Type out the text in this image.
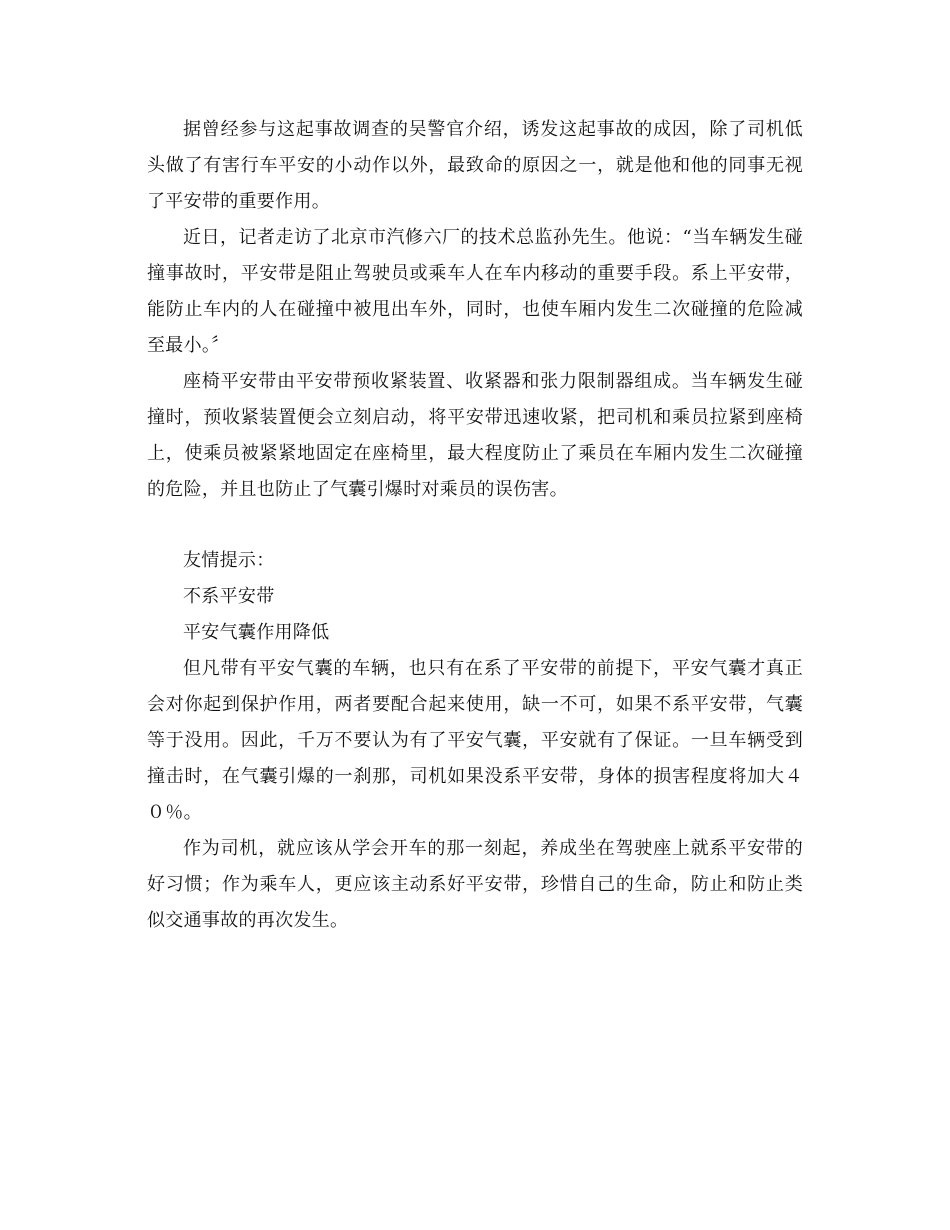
据曾经参与这起事故调查的吴警官介绍，诱发这起事故的成因，除了司机低头做了有害行车平安的小动作以外，最致命的原因之一，就是他和他的同事无视了平安带的重要作用。

近日，记者走访了北京市汽修六厂的技术总监孙先生。他说：“当车辆发生碰撞事故时，平安带是阻止驾驶员或乘车人在车内移动的重要手段。系上平安带，能防止车内的人在碰撞中被甩出车外，同时，也使车厢内发生二次碰撞的危险减至最小。〞

座椅平安带由平安带预收紧装置、收紧器和张力限制器组成。当车辆发生碰撞时，预收紧装置便会立刻启动，将平安带迅速收紧，把司机和乘员拉紧到座椅上，使乘员被紧紧地固定在座椅里，最大程度防止了乘员在车厢内发生二次碰撞的危险，并且也防止了气囊引爆时对乘员的误伤害。

友情提示：

不系平安带

平安气囊作用降低

但凡带有平安气囊的车辆，也只有在系了平安带的前提下，平安气囊才真正会对你起到保护作用，两者要配合起来使用，缺一不可，如果不系平安带，气囊等于没用。因此，千万不要认为有了平安气囊，平安就有了保证。一旦车辆受到撞击时，在气囊引爆的一刹那，司机如果没系平安带，身体的损害程度将加大４０％。

作为司机，就应该从学会开车的那一刻起，养成坐在驾驶座上就系平安带的好习惯；作为乘车人，更应该主动系好平安带，珍惜自己的生命，防止和防止类似交通事故的再次发生。
